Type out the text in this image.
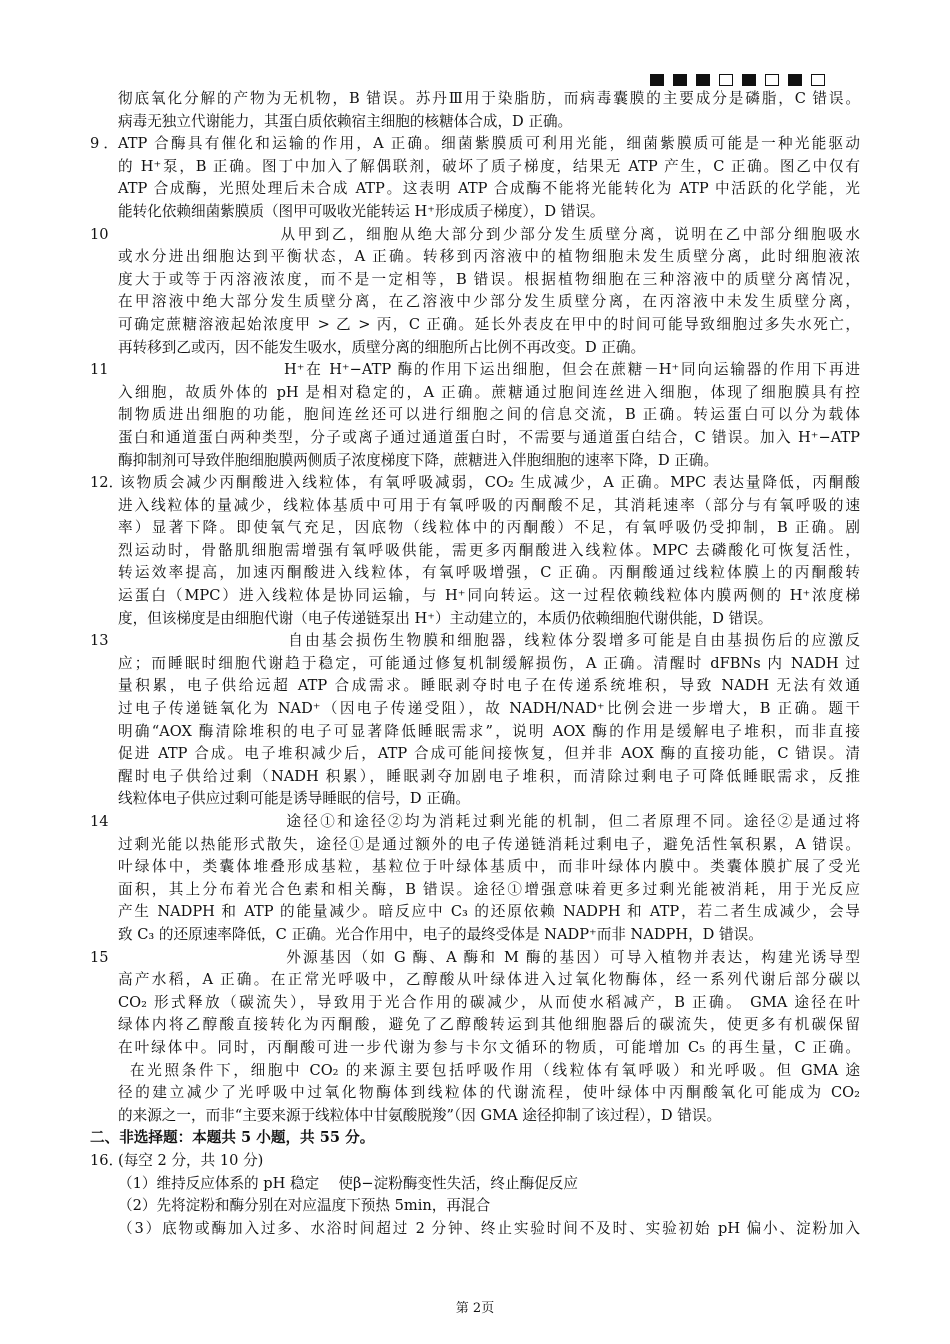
彻底氧化分解的产物为无机物，B 错误。苏丹Ⅲ用于染脂肪，而病毒囊膜的主要成分是磷脂，C 错误。
病毒无独立代谢能力，其蛋白质依赖宿主细胞的核糖体合成，D 正确。
9．ATP 合酶具有催化和运输的作用，A 正确。细菌紫膜质可利用光能，细菌紫膜质可能是一种光能驱动
的 H⁺泵，B 正确。图丁中加入了解偶联剂，破坏了质子梯度，结果无 ATP 产生，C 正确。图乙中仅有
ATP 合成酶，光照处理后未合成 ATP。这表明 ATP 合成酶不能将光能转化为 ATP 中活跃的化学能，光
能转化依赖细菌紫膜质（图甲可吸收光能转运 H⁺形成质子梯度），D 错误。
10	从甲到乙，细胞从绝大部分到少部分发生质壁分离，说明在乙中部分细胞吸水
或水分进出细胞达到平衡状态，A 正确。转移到丙溶液中的植物细胞未发生质壁分离，此时细胞液浓
度大于或等于丙溶液浓度，而不是一定相等，B 错误。根据植物细胞在三种溶液中的质壁分离情况，
在甲溶液中绝大部分发生质壁分离，在乙溶液中少部分发生质壁分离，在丙溶液中未发生质壁分离，
可确定蔗糖溶液起始浓度甲 > 乙 > 丙，C 正确。延长外表皮在甲中的时间可能导致细胞过多失水死亡，
再转移到乙或丙，因不能发生吸水，质壁分离的细胞所占比例不再改变。D 正确。
11	H⁺在 H⁺−ATP 酶的作用下运出细胞，但会在蔗糖－H⁺同向运输器的作用下再进
入细胞，故质外体的 pH 是相对稳定的，A 正确。蔗糖通过胞间连丝进入细胞，体现了细胞膜具有控
制物质进出细胞的功能，胞间连丝还可以进行细胞之间的信息交流，B 正确。转运蛋白可以分为载体
蛋白和通道蛋白两种类型，分子或离子通过通道蛋白时，不需要与通道蛋白结合，C 错误。加入 H⁺−ATP
酶抑制剂可导致伴胞细胞膜两侧质子浓度梯度下降，蔗糖进入伴胞细胞的速率下降，D 正确。
12．该物质会减少丙酮酸进入线粒体，有氧呼吸减弱，CO₂ 生成减少，A 正确。MPC 表达量降低，丙酮酸
进入线粒体的量减少，线粒体基质中可用于有氧呼吸的丙酮酸不足，其消耗速率（部分与有氧呼吸的速
率）显著下降。即使氧气充足，因底物（线粒体中的丙酮酸）不足，有氧呼吸仍受抑制，B 正确。剧
烈运动时，骨骼肌细胞需增强有氧呼吸供能，需更多丙酮酸进入线粒体。MPC 去磷酸化可恢复活性，
转运效率提高，加速丙酮酸进入线粒体，有氧呼吸增强，C 正确。丙酮酸通过线粒体膜上的丙酮酸转
运蛋白（MPC）进入线粒体是协同运输，与 H⁺同向转运。这一过程依赖线粒体内膜两侧的 H⁺浓度梯
度，但该梯度是由细胞代谢（电子传递链泵出 H⁺）主动建立的，本质仍依赖细胞代谢供能，D 错误。
13	自由基会损伤生物膜和细胞器，线粒体分裂增多可能是自由基损伤后的应激反
应；而睡眠时细胞代谢趋于稳定，可能通过修复机制缓解损伤，A 正确。清醒时 dFBNs 内 NADH 过
量积累，电子供给远超 ATP 合成需求。睡眠剥夺时电子在传递系统堆积，导致 NADH 无法有效通
过电子传递链氧化为 NAD⁺（因电子传递受阻），故 NADH/NAD⁺比例会进一步增大，B 正确。题干
明确“AOX 酶清除堆积的电子可显著降低睡眠需求”，说明 AOX 酶的作用是缓解电子堆积，而非直接
促进 ATP 合成。电子堆积减少后，ATP 合成可能间接恢复，但并非 AOX 酶的直接功能，C 错误。清
醒时电子供给过剩（NADH 积累），睡眠剥夺加剧电子堆积，而清除过剩电子可降低睡眠需求，反推
线粒体电子供应过剩可能是诱导睡眠的信号，D 正确。
14	途径①和途径②均为消耗过剩光能的机制，但二者原理不同。途径②是通过将
过剩光能以热能形式散失，途径①是通过额外的电子传递链消耗过剩电子，避免活性氧积累，A 错误。
叶绿体中，类囊体堆叠形成基粒，基粒位于叶绿体基质中，而非叶绿体内膜中。类囊体膜扩展了受光
面积，其上分布着光合色素和相关酶，B 错误。途径①增强意味着更多过剩光能被消耗，用于光反应
产生 NADPH 和 ATP 的能量减少。暗反应中 C₃ 的还原依赖 NADPH 和 ATP，若二者生成减少，会导
致 C₃ 的还原速率降低，C 正确。光合作用中，电子的最终受体是 NADP⁺而非 NADPH，D 错误。
15	外源基因（如 G 酶、A 酶和 M 酶的基因）可导入植物并表达，构建光诱导型
高产水稻，A 正确。在正常光呼吸中，乙醇酸从叶绿体进入过氧化物酶体，经一系列代谢后部分碳以
CO₂ 形式释放（碳流失），导致用于光合作用的碳减少，从而使水稻减产，B 正确。 GMA 途径在叶
绿体内将乙醇酸直接转化为丙酮酸，避免了乙醇酸转运到其他细胞器后的碳流失，使更多有机碳保留
在叶绿体中。同时，丙酮酸可进一步代谢为参与卡尔文循环的物质，可能增加 C₅ 的再生量，C 正确。
在光照条件下，细胞中 CO₂ 的来源主要包括呼吸作用（线粒体有氧呼吸）和光呼吸。但 GMA 途
径的建立减少了光呼吸中过氧化物酶体到线粒体的代谢流程，使叶绿体中丙酮酸氧化可能成为 CO₂
的来源之一，而非“主要来源于线粒体中甘氨酸脱羧”（因 GMA 途径抑制了该过程），D 错误。
二、非选择题：本题共 5 小题，共 55 分。
16．(每空 2 分，共 10 分)
（1）维持反应体系的 pH 稳定　 使β−淀粉酶变性失活，终止酶促反应
（2）先将淀粉和酶分别在对应温度下预热 5min，再混合
（3）底物或酶加入过多、水浴时间超过 2 分钟、终止实验时间不及时、实验初始 pH 偏小、淀粉加入
第 2页
